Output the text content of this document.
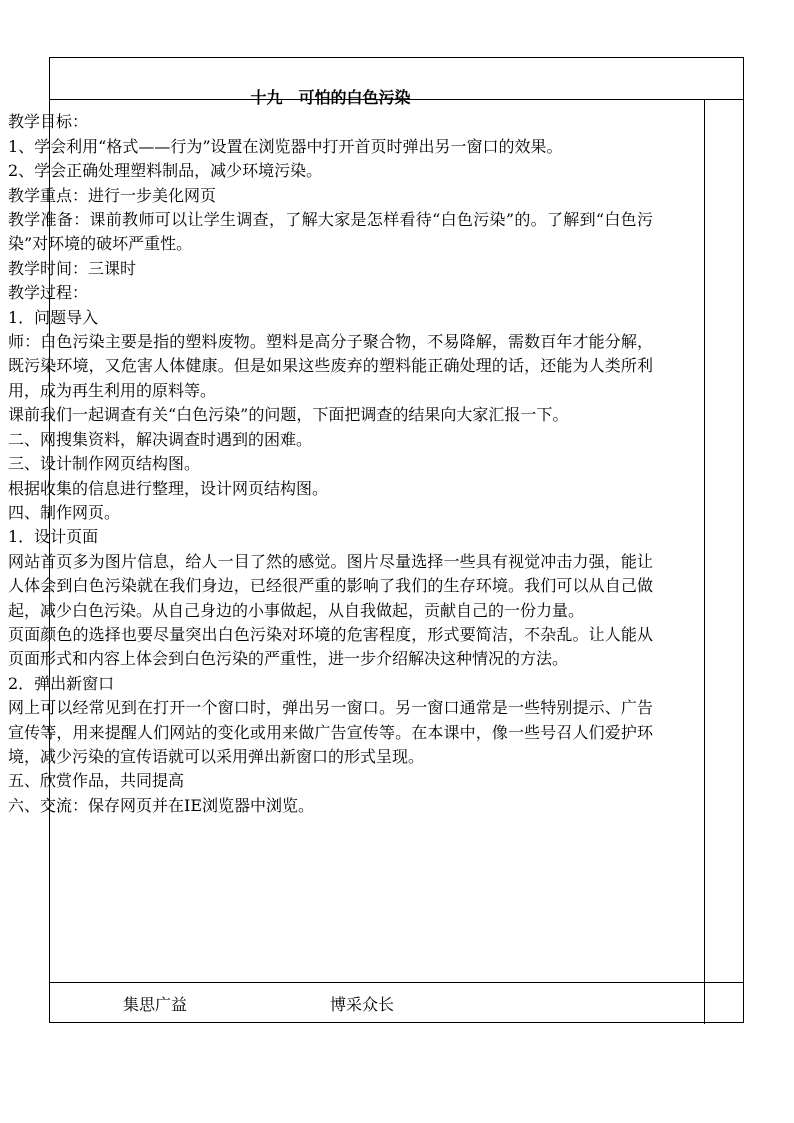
集思广益	博采众长

十九　可怕的白色污染

教学目标：

1、学会利用“格式——行为”设置在浏览器中打开首页时弹出另一窗口的效果。

2、学会正确处理塑料制品，减少环境污染。

教学重点：进行一步美化网页

教学准备：课前教师可以让学生调查，了解大家是怎样看待“白色污染”的。了解到“白色污染”对环境的破坏严重性。

教学时间：三课时

教学过程：

1．问题导入

师：白色污染主要是指的塑料废物。塑料是高分子聚合物，不易降解，需数百年才能分解，既污染环境，又危害人体健康。但是如果这些废弃的塑料能正确处理的话，还能为人类所利用，成为再生利用的原料等。

课前我们一起调查有关“白色污染”的问题，下面把调查的结果向大家汇报一下。

二、网搜集资料，解决调查时遇到的困难。

三、设计制作网页结构图。

根据收集的信息进行整理，设计网页结构图。

四、制作网页。

1．设计页面

网站首页多为图片信息，给人一目了然的感觉。图片尽量选择一些具有视觉冲击力强，能让人体会到白色污染就在我们身边，已经很严重的影响了我们的生存环境。我们可以从自己做起，减少白色污染。从自己身边的小事做起，从自我做起，贡献自己的一份力量。

页面颜色的选择也要尽量突出白色污染对环境的危害程度，形式要简洁，不杂乱。让人能从页面形式和内容上体会到白色污染的严重性，进一步介绍解决这种情况的方法。

2．弹出新窗口

网上可以经常见到在打开一个窗口时，弹出另一窗口。另一窗口通常是一些特别提示、广告宣传等，用来提醒人们网站的变化或用来做广告宣传等。在本课中，像一些号召人们爱护环境，减少污染的宣传语就可以采用弹出新窗口的形式呈现。

五、欣赏作品，共同提高

六、交流：保存网页并在IE浏览器中浏览。
